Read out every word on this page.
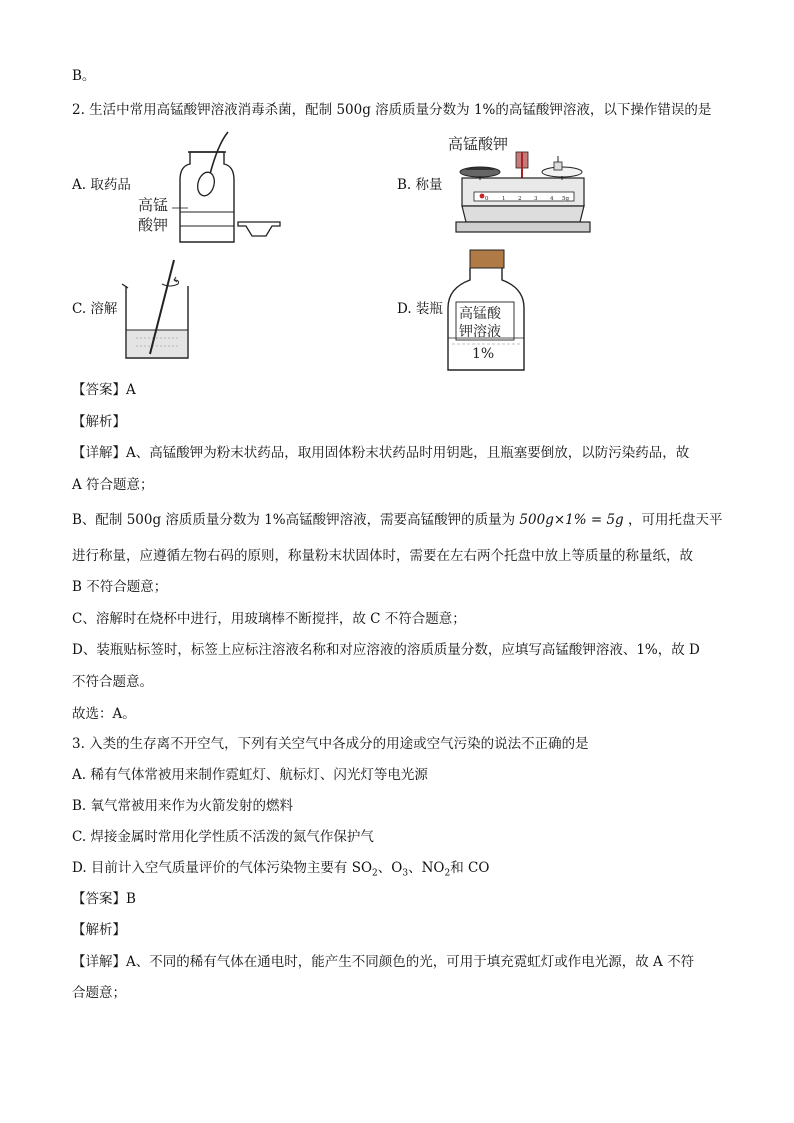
B。
2. 生活中常用高锰酸钾溶液消毒杀菌，配制 500g 溶质质量分数为 1%的高锰酸钾溶液，以下操作错误的是
A. 取药品	B. 称量
C. 溶解	D. 装瓶
高锰
酸钾
高锰酸钾
0 1 2 3 4 5g
高锰酸
钾溶液
1%
【答案】A
【解析】
【详解】A、高锰酸钾为粉末状药品，取用固体粉末状药品时用钥匙，且瓶塞要倒放，以防污染药品，故
A 符合题意；
B、配制 500g 溶质质量分数为 1%高锰酸钾溶液，需要高锰酸钾的质量为 500g×1% = 5g ，可用托盘天平
进行称量，应遵循左物右码的原则，称量粉末状固体时，需要在左右两个托盘中放上等质量的称量纸，故
B 不符合题意；
C、溶解时在烧杯中进行，用玻璃棒不断搅拌，故 C 不符合题意；
D、装瓶贴标签时，标签上应标注溶液名称和对应溶液的溶质质量分数，应填写高锰酸钾溶液、1%，故 D
不符合题意。
故选：A。
3. 入类的生存离不开空气，下列有关空气中各成分的用途或空气污染的说法不正确的是
A. 稀有气体常被用来制作霓虹灯、航标灯、闪光灯等电光源
B. 氧气常被用来作为火箭发射的燃料
C. 焊接金属时常用化学性质不活泼的氮气作保护气
D. 目前计入空气质量评价的气体污染物主要有 $SO_2$、$O_3$、$NO_2$和 CO
【答案】B
【解析】
【详解】A、不同的稀有气体在通电时，能产生不同颜色的光，可用于填充霓虹灯或作电光源，故 A 不符
合题意；
